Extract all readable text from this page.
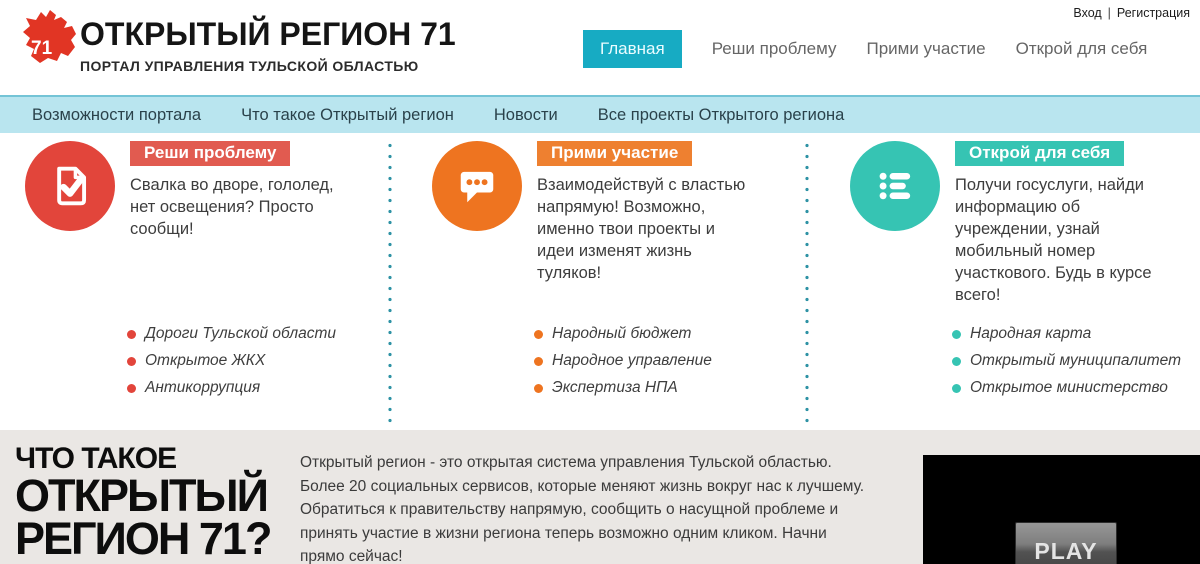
71 ОТКРЫТЫЙ РЕГИОН 71
ПОРТАЛ УПРАВЛЕНИЯ ТУЛЬСКОЙ ОБЛАСТЬЮ
Вход | Регистрация
Главная	Реши проблему Прими участие Открой для себя
Возможности портала Что такое Открытый регион Новости Все проекты Открытого региона
Реши проблему
Свалка во дворе, гололед, нет освещения? Просто сообщи!
Дороги Тульской области
Открытое ЖКХ
Антикоррупция
Прими участие
Взаимодействуй с властью напрямую! Возможно, именно твои проекты и идеи изменят жизнь туляков!
Народный бюджет
Народное управление
Экспертиза НПА
Открой для себя
Получи госуслуги, найди информацию об учреждении, узнай мобильный номер участкового. Будь в курсе всего!
Народная карта
Открытый муниципалитет
Открытое министерство
ЧТО ТАКОЕ
ОТКРЫТЫЙ
РЕГИОН 71?
Открытый регион - это открытая система управления Тульской областью. Более 20 социальных сервисов, которые меняют жизнь вокруг нас к лучшему. Обратиться к правительству напрямую, сообщить о насущной проблеме и принять участие в жизни региона теперь возможно одним кликом. Начни прямо сейчас!	PLAY
